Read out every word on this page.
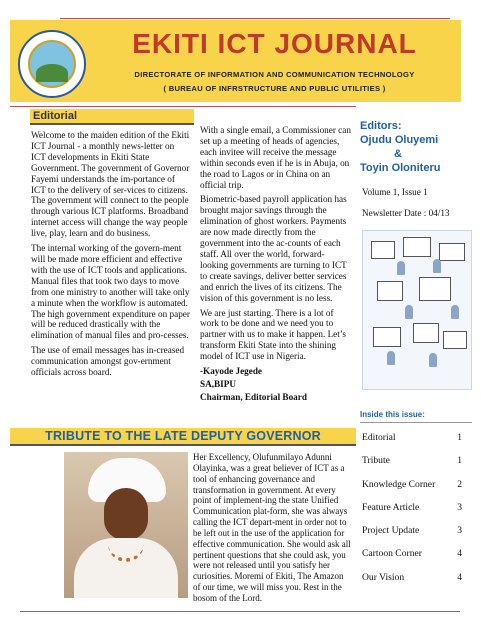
EKITI ICT JOURNAL
DIRECTORATE OF INFORMATION AND COMMUNICATION TECHNOLOGY
( BUREAU OF INFRSTRUCTURE AND PUBLIC UTILITIES )
Editorial

Welcome to the maiden edition of the Ekiti ICT Journal - a monthly news-letter on ICT developments in Ekiti State Government. The government of Governor Fayemi understands the im-portance of ICT to the delivery of ser-vices to citizens. The government will connect to the people through various ICT platforms. Broadband internet access will change the way people live, play, learn and do business.

The internal working of the govern-ment will be made more efficient and effective with the use of ICT tools and applications. Manual files that took two days to move from one ministry to another will take only a minute when the workflow is automated. The high government expenditure on paper will be reduced drastically with the elimination of manual files and pro-cesses.

The use of email messages has in-creased communication amongst gov-ernment officials across board.

With a single email, a Commissioner can set up a meeting of heads of agencies, each invitee will receive the message within seconds even if he is in Abuja, on the road to Lagos or in China on an official trip.

Biometric-based payroll application has brought major savings through the elimination of ghost workers. Payments are now made directly from the government into the ac-counts of each staff. All over the world, forward-looking governments are turning to ICT to create savings, deliver better services and enrich the lives of its citizens. The vision of this government is no less.

We are just starting. There is a lot of work to be done and we need you to partner with us to make it happen. Let’s transform Ekiti State into the shining model of ICT use in Nigeria.

-Kayode Jegede

SA,BIPU

Chairman, Editorial Board

Editors:
Ojudu Oluyemi
&
Toyin Oloniteru
Volume 1, Issue 1
Newsletter Date : 04/13
Inside this issue:
Editorial	1
Tribute	1
Knowledge Corner 2
Feature Article	3
Project Update	3
Cartoon Corner	4
Our Vision	4
TRIBUTE TO THE LATE DEPUTY GOVERNOR
Her Excellency, Olufunmilayo Adunni Olayinka, was a great believer of ICT as a tool of enhancing governance and transformation in government. At every point of implement-ing the state Unified Communication plat-form, she was always calling the ICT depart-ment in order not to be left out in the use of the application for effective communication. She would ask all pertinent questions that she could ask, you were not released until you satisfy her curiosities. Moremi of Ekiti, The Amazon of our time, we will miss you. Rest in the bosom of the Lord.
